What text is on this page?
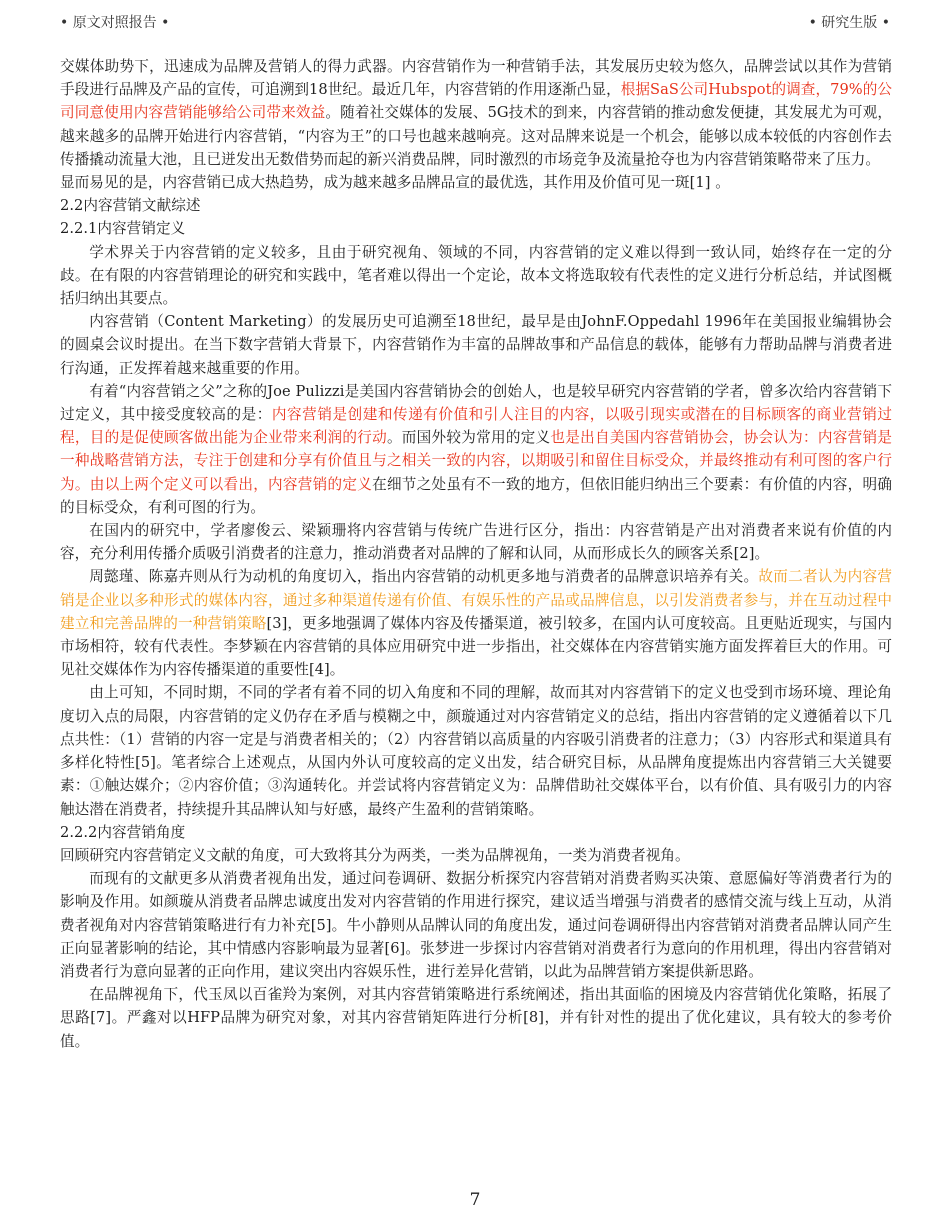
• 原文对照报告 •	• 研究生版 •

交媒体助势下，迅速成为品牌及营销人的得力武器。内容营销作为一种营销手法，其发展历史较为悠久，品牌尝试以其作为营销手段进行品牌及产品的宣传，可追溯到18世纪。最近几年，内容营销的作用逐渐凸显，根据SaS公司Hubspot的调查，79%的公司同意使用内容营销能够给公司带来效益。随着社交媒体的发展、5G技术的到来，内容营销的推动愈发便捷，其发展尤为可观，越来越多的品牌开始进行内容营销，“内容为王”的口号也越来越响亮。这对品牌来说是一个机会，能够以成本较低的内容创作去传播撬动流量大池，且已迸发出无数借势而起的新兴消费品牌，同时激烈的市场竞争及流量抢夺也为内容营销策略带来了压力。

显而易见的是，内容营销已成大热趋势，成为越来越多品牌品宣的最优选，其作用及价值可见一斑[1] 。

2.2内容营销文献综述

2.2.1内容营销定义

学术界关于内容营销的定义较多，且由于研究视角、领域的不同，内容营销的定义难以得到一致认同，始终存在一定的分歧。在有限的内容营销理论的研究和实践中，笔者难以得出一个定论，故本文将选取较有代表性的定义进行分析总结，并试图概括归纳出其要点。

内容营销（Content Marketing）的发展历史可追溯至18世纪，最早是由JohnF.Oppedahl 1996年在美国报业编辑协会的圆桌会议时提出。在当下数字营销大背景下，内容营销作为丰富的品牌故事和产品信息的载体，能够有力帮助品牌与消费者进行沟通，正发挥着越来越重要的作用。

有着“内容营销之父”之称的Joe Pulizzi是美国内容营销协会的创始人，也是较早研究内容营销的学者，曾多次给内容营销下过定义，其中接受度较高的是：内容营销是创建和传递有价值和引人注目的内容，以吸引现实或潜在的目标顾客的商业营销过程，目的是促使顾客做出能为企业带来利润的行动。而国外较为常用的定义也是出自美国内容营销协会，协会认为：内容营销是一种战略营销方法，专注于创建和分享有价值且与之相关一致的内容，以期吸引和留住目标受众，并最终推动有利可图的客户行为。由以上两个定义可以看出，内容营销的定义在细节之处虽有不一致的地方，但依旧能归纳出三个要素：有价值的内容，明确的目标受众，有利可图的行为。

在国内的研究中，学者廖俊云、梁颖珊将内容营销与传统广告进行区分，指出：内容营销是产出对消费者来说有价值的内容，充分利用传播介质吸引消费者的注意力，推动消费者对品牌的了解和认同，从而形成长久的顾客关系[2]。

周懿瑾、陈嘉卉则从行为动机的角度切入，指出内容营销的动机更多地与消费者的品牌意识培养有关。故而二者认为内容营销是企业以多种形式的媒体内容，通过多种渠道传递有价值、有娱乐性的产品或品牌信息，以引发消费者参与，并在互动过程中建立和完善品牌的一种营销策略[3]，更多地强调了媒体内容及传播渠道，被引较多，在国内认可度较高。且更贴近现实，与国内市场相符，较有代表性。李梦颖在内容营销的具体应用研究中进一步指出，社交媒体在内容营销实施方面发挥着巨大的作用。可见社交媒体作为内容传播渠道的重要性[4]。

由上可知，不同时期，不同的学者有着不同的切入角度和不同的理解，故而其对内容营销下的定义也受到市场环境、理论角度切入点的局限，内容营销的定义仍存在矛盾与模糊之中，颜璇通过对内容营销定义的总结，指出内容营销的定义遵循着以下几点共性：（1）营销的内容一定是与消费者相关的；（2）内容营销以高质量的内容吸引消费者的注意力；（3）内容形式和渠道具有多样化特性[5]。笔者综合上述观点，从国内外认可度较高的定义出发，结合研究目标，从品牌角度提炼出内容营销三大关键要素：①触达媒介；②内容价值；③沟通转化。并尝试将内容营销定义为：品牌借助社交媒体平台，以有价值、具有吸引力的内容触达潜在消费者，持续提升其品牌认知与好感，最终产生盈利的营销策略。

2.2.2内容营销角度

回顾研究内容营销定义文献的角度，可大致将其分为两类，一类为品牌视角，一类为消费者视角。

而现有的文献更多从消费者视角出发，通过问卷调研、数据分析探究内容营销对消费者购买决策、意愿偏好等消费者行为的影响及作用。如颜璇从消费者品牌忠诚度出发对内容营销的作用进行探究，建议适当增强与消费者的感情交流与线上互动，从消费者视角对内容营销策略进行有力补充[5]。牛小静则从品牌认同的角度出发，通过问卷调研得出内容营销对消费者品牌认同产生正向显著影响的结论，其中情感内容影响最为显著[6]。张梦进一步探讨内容营销对消费者行为意向的作用机理，得出内容营销对消费者行为意向显著的正向作用，建议突出内容娱乐性，进行差异化营销，以此为品牌营销方案提供新思路。

在品牌视角下，代玉凤以百雀羚为案例，对其内容营销策略进行系统阐述，指出其面临的困境及内容营销优化策略，拓展了思路[7]。严鑫对以HFP品牌为研究对象，对其内容营销矩阵进行分析[8]，并有针对性的提出了优化建议，具有较大的参考价值。

7
